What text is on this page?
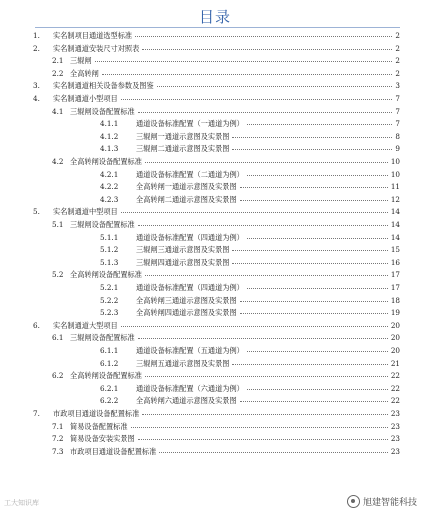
目录
1. 实名制项目通道选型标准	2
2. 实名制通道安装尺寸对照表	2
2.1 三辊闸	2
2.2 全高转闸	2
3. 实名制通道相关设备参数及图鉴	3
4. 实名制通道小型项目	7
4.1 三辊闸设备配置标准	7
4.1.1 通道设备标准配置（一通道为例）	7
4.1.2 三辊闸一通道示意图及实景图	8
4.1.3 三辊闸二通道示意图及实景图	9
4.2 全高转闸设备配置标准	10
4.2.1 通道设备标准配置（二通道为例）	10
4.2.2 全高转闸一通道示意图及实景图	11
4.2.3 全高转闸二通道示意图及实景图	12
5. 实名制通道中型项目	14
5.1 三辊闸设备配置标准	14
5.1.1 通道设备标准配置（四通道为例）	14
5.1.2 三辊闸三通道示意图及实景图	15
5.1.3 三辊闸四通道示意图及实景图	16
5.2 全高转闸设备配置标准	17
5.2.1 通道设备标准配置（四通道为例）	17
5.2.2 全高转闸三通道示意图及实景图	18
5.2.3 全高转闸四通道示意图及实景图	19
6. 实名制通道大型项目	20
6.1 三辊闸设备配置标准	20
6.1.1 通道设备标准配置（五通道为例）	20
6.1.2 三辊闸五通道示意图及实景图	21
6.2 全高转闸设备配置标准	22
6.2.1 通道设备标准配置（六通道为例）	22
6.2.2 全高转闸六通道示意图及实景图	22
7. 市政项目通道设备配置标准	23
7.1 简易设备配置标准	23
7.2 简易设备安装实景图	23
7.3 市政项目通道设备配置标准	23
工大知识库	旭建智能科技
